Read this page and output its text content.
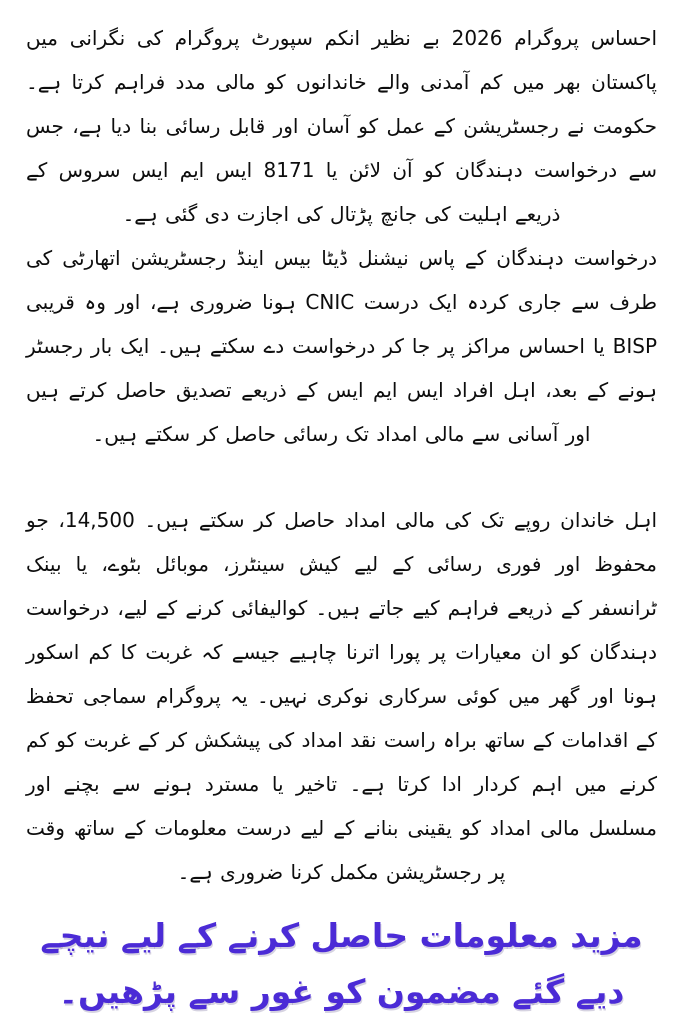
احساس پروگرام 2026 بے نظیر انکم سپورٹ پروگرام کی نگرانی میں پاکستان بھر میں کم آمدنی والے خاندانوں کو مالی مدد فراہم کرتا ہے۔ حکومت نے رجسٹریشن کے عمل کو آسان اور قابل رسائی بنا دیا ہے، جس سے درخواست دہندگان کو آن لائن یا 8171 ایس ایم ایس سروس کے ذریعے اہلیت کی جانچ پڑتال کی اجازت دی گئی ہے۔

درخواست دہندگان کے پاس نیشنل ڈیٹا بیس اینڈ رجسٹریشن اتھارٹی کی طرف سے جاری کردہ ایک درست CNIC ہونا ضروری ہے، اور وہ قریبی BISP یا احساس مراکز پر جا کر درخواست دے سکتے ہیں۔ ایک بار رجسٹر ہونے کے بعد، اہل افراد ایس ایم ایس کے ذریعے تصدیق حاصل کرتے ہیں اور آسانی سے مالی امداد تک رسائی حاصل کر سکتے ہیں۔

اہل خاندان روپے تک کی مالی امداد حاصل کر سکتے ہیں۔ 14,500، جو محفوظ اور فوری رسائی کے لیے کیش سینٹرز، موبائل بٹوے، یا بینک ٹرانسفر کے ذریعے فراہم کیے جاتے ہیں۔ کوالیفائی کرنے کے لیے، درخواست دہندگان کو ان معیارات پر پورا اترنا چاہیے جیسے کہ غربت کا کم اسکور ہونا اور گھر میں کوئی سرکاری نوکری نہیں۔ یہ پروگرام سماجی تحفظ کے اقدامات کے ساتھ براہ راست نقد امداد کی پیشکش کر کے غربت کو کم کرنے میں اہم کردار ادا کرتا ہے۔ تاخیر یا مسترد ہونے سے بچنے اور مسلسل مالی امداد کو یقینی بنانے کے لیے درست معلومات کے ساتھ وقت پر رجسٹریشن مکمل کرنا ضروری ہے۔

مزید معلومات حاصل کرنے کے لیے نیچے دیے گئے مضمون کو غور سے پڑھیں۔
